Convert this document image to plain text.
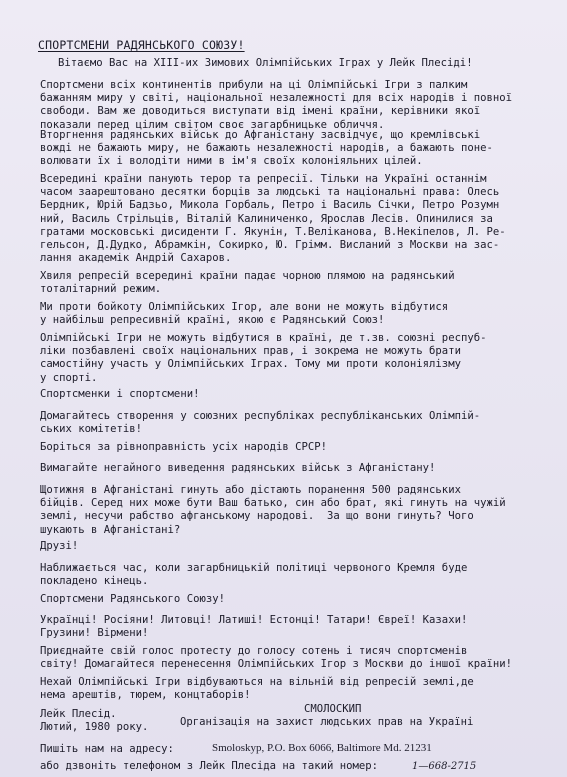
СПОРТСМЕНИ РАДЯНСЬКОГО СОЮЗУ!

Вітаємо Вас на XIII-их Зимових Олімпійських Іграх у Лейк Плесіді!

Спортсмени всіх континентів прибули на ці Олімпійські Ігри з палким
бажанням миру у світі, національної незалежності для всіх народів і повної
свободи. Вам же доводиться виступати від імені країни, керівники якої
показали перед цілим світом своє загарбницьке обличчя.

Вторгнення радянських військ до Афганістану засвідчує, що кремлівські
вожді не бажають миру, не бажають незалежності народів, а бажають поне-
волювати їх і володіти ними в ім'я своїх колоніяльних цілей.

Всередині країни панують терор та репресії. Тільки на Україні останнім
часом заарештовано десятки борців за людські та національні права: Олесь
Бердник, Юрій Бадзьо, Микола Горбаль, Петро і Василь Січки, Петро Розумн
ний, Василь Стрільців, Віталій Калиниченко, Ярослав Лесів. Опинилися за
гратами московські дисиденти Г. Якунін, Т.Веліканова, В.Некіпелов, Л. Ре-
гельсон, Д.Дудко, Абрамкін, Сокирко, Ю. Грімм. Висланий з Москви на зас-
лання академік Андрій Сахаров.

Хвиля репресій всередині країни падає чорною плямою на радянський
тоталітарний режим.

Ми проти бойкоту Олімпійських Ігор, але вони не можуть відбутися
у найбільш репресивній країні, якою є Радянський Союз!

Олімпійські Ігри не можуть відбутися в країні, де т.зв. союзні респуб-
ліки позбавлені своїх національних прав, і зокрема не можуть брати
самостійну участь у Олімпійських Іграх. Тому ми проти колоніялізму
у спорті.

Спортсменки і спортсмени!

Домагайтесь створення у союзних республіках республіканських Олімпій-
ських комітетів!

Боріться за рівноправність усіх народів СРСР!

Вимагайте негайного виведення радянських військ з Афганістану!

Щотижня в Афганістані гинуть або дістають поранення 500 радянських
бійців. Серед них може бути Ваш батько, син або брат, які гинуть на чужій
землі, несучи рабство афганському народові.  За що вони гинуть? Чого
шукають в Афганістані?

Друзі!

Наближається час, коли загарбницькій політиці червоного Кремля буде
покладено кінець.

Спортсмени Радянського Союзу!

Українці! Росіяни! Литовці! Латиші! Естонці! Татари! Євреї! Казахи!
Грузини! Вірмени!

Приєднайте свій голос протесту до голосу сотень і тисяч спортсменів
світу! Домагайтеся перенесення Олімпійських Ігор з Москви до іншої країни!

Нехай Олімпійські Ігри відбуваються на вільній від репресій землі,де
нема арештів, тюрем, концтаборів!

Лейк Плесід.
Лютий, 1980 року.
СМОЛОСКИП
Організація на захист людських прав на Україні
Пишіть нам на адресу:	Smoloskyp, P.O. Box 6066, Baltimore Md. 21231
або дзвоніть телефоном з Лейк Плесіда на такий номер:	1—668-2715
